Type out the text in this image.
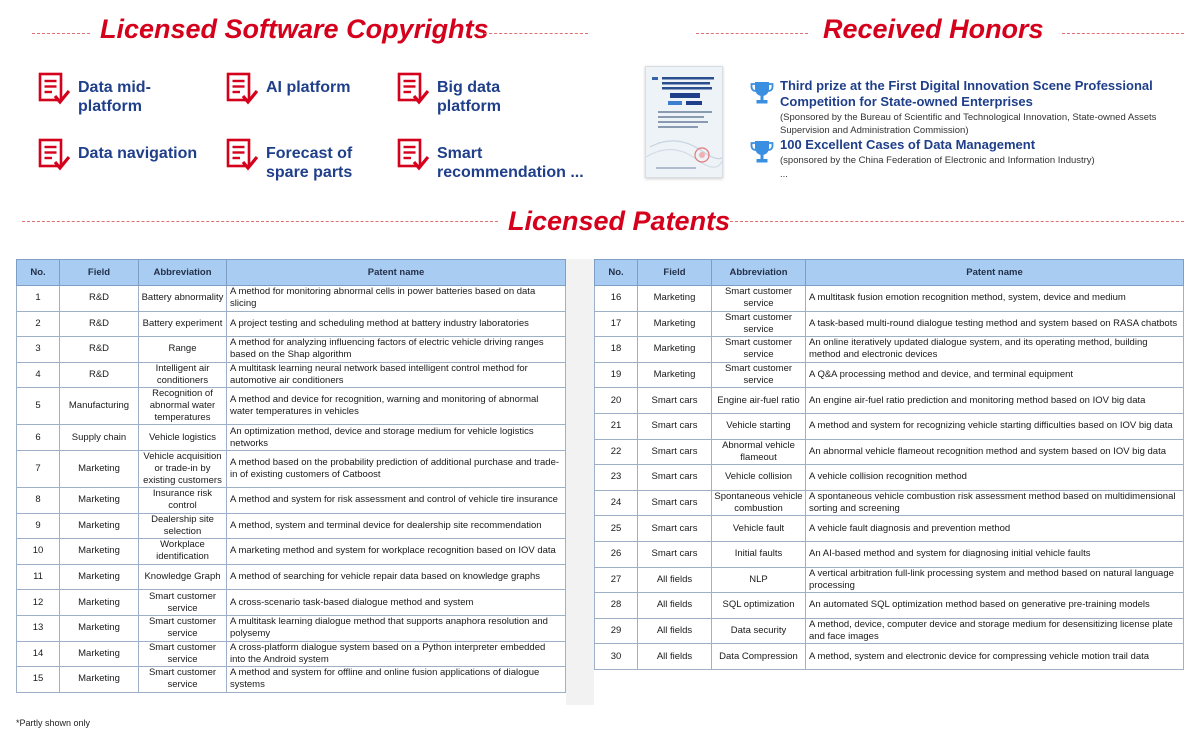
Licensed Software Copyrights
Data mid-platform
AI platform	Big data platform
Data navigation	Forecast of spare parts
Smart recommendation ...
Received Honors
Third prize at the First Digital Innovation Scene Professional Competition for State-owned Enterprises
(Sponsored by the Bureau of Scientific and Technological Innovation, State-owned Assets Supervision and Administration Commission)
100 Excellent Cases of Data Management
(sponsored by the China Federation of Electronic and Information Industry)
...
Licensed Patents
No.	Field	Abbreviation	Patent name
1	R&D	Battery abnormality	A method for monitoring abnormal cells in power batteries based on data slicing
2	R&D	Battery experiment	A project testing and scheduling method at battery industry laboratories
3	R&D	Range	A method for analyzing influencing factors of electric vehicle driving ranges based on the Shap algorithm
4	R&D	Intelligent air conditioners	A multitask learning neural network based intelligent control method for automotive air conditioners
5	Manufacturing	Recognition of abnormal water temperatures	A method and device for recognition, warning and monitoring of abnormal water temperatures in vehicles
6	Supply chain	Vehicle logistics	An optimization method, device and storage medium for vehicle logistics networks
7	Marketing	Vehicle acquisition or trade-in by existing customers	A method based on the probability prediction of additional purchase and trade-in of existing customers of Catboost
8	Marketing	Insurance risk control	A method and system for risk assessment and control of vehicle tire insurance
9	Marketing	Dealership site selection	A method, system and terminal device for dealership site recommendation
10	Marketing	Workplace identification	A marketing method and system for workplace recognition based on IOV data
11	Marketing	Knowledge Graph	A method of searching for vehicle repair data based on knowledge graphs
12	Marketing	Smart customer service	A cross-scenario task-based dialogue method and system
13	Marketing	Smart customer service	A multitask learning dialogue method that supports anaphora resolution and polysemy
14	Marketing	Smart customer service	A cross-platform dialogue system based on a Python interpreter embedded into the Android system
15	Marketing	Smart customer service	A method and system for offline and online fusion applications of dialogue systems
No.	Field	Abbreviation	Patent name
16	Marketing	Smart customer service	A multitask fusion emotion recognition method, system, device and medium
17	Marketing	Smart customer service	A task-based multi-round dialogue testing method and system based on RASA chatbots
18	Marketing	Smart customer service	An online iteratively updated dialogue system, and its operating method, building method and electronic devices
19	Marketing	Smart customer service	A Q&A processing method and device, and terminal equipment
20	Smart cars	Engine air-fuel ratio	An engine air-fuel ratio prediction and monitoring method based on IOV big data
21	Smart cars	Vehicle starting	A method and system for recognizing vehicle starting difficulties based on IOV big data
22	Smart cars	Abnormal vehicle flameout	An abnormal vehicle flameout recognition method and system based on IOV big data
23	Smart cars	Vehicle collision	A vehicle collision recognition method
24	Smart cars	Spontaneous vehicle combustion	A spontaneous vehicle combustion risk assessment method based on multidimensional sorting and screening
25	Smart cars	Vehicle fault	A vehicle fault diagnosis and prevention method
26	Smart cars	Initial faults	An AI-based method and system for diagnosing initial vehicle faults
27	All fields	NLP	A vertical arbitration full-link processing system and method based on natural language processing
28	All fields	SQL optimization	An automated SQL optimization method based on generative pre-training models
29	All fields	Data security	A method, device, computer device and storage medium for desensitizing license plate and face images
30	All fields	Data Compression	A method, system and electronic device for compressing vehicle motion trail data
*Partly shown only
